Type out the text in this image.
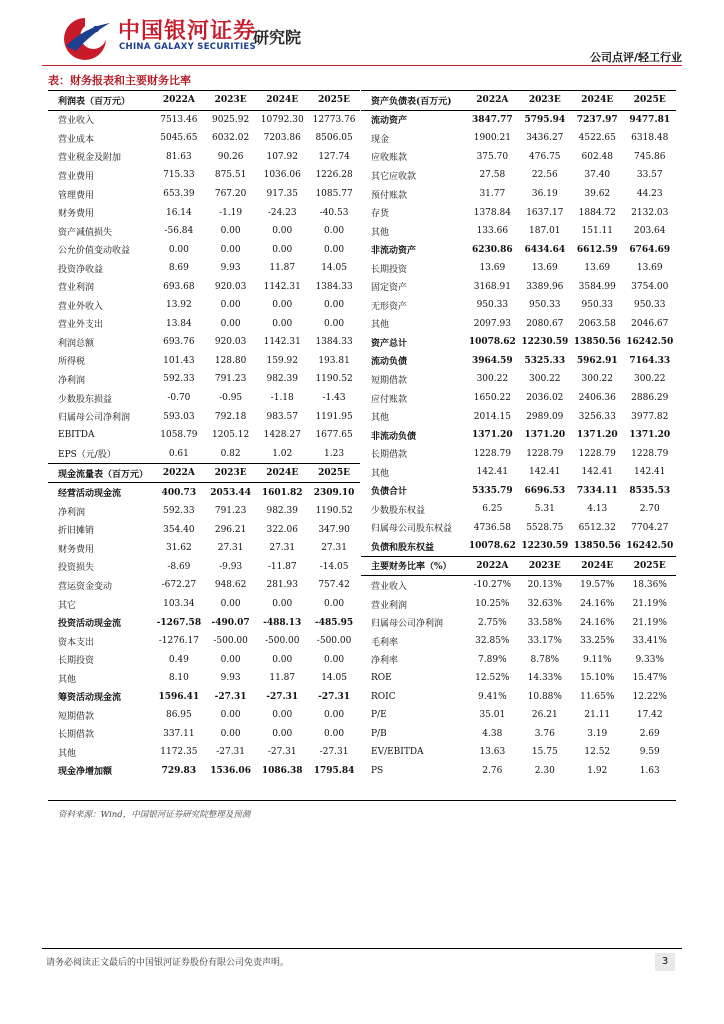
中国银河证券
CHINA GALAXY SECURITIES
研究院
公司点评/轻工行业
表：财务报表和主要财务比率
利润表（百万元）	2022A	2023E	2024E	2025E
营业收入	7513.46	9025.92	10792.30	12773.76
营业成本	5045.65	6032.02	7203.86	8506.05
营业税金及附加	81.63	90.26	107.92	127.74
营业费用	715.33	875.51	1036.06	1226.28
管理费用	653.39	767.20	917.35	1085.77
财务费用	16.14	-1.19	-24.23	-40.53
资产减值损失	-56.84	0.00	0.00	0.00
公允价值变动收益	0.00	0.00	0.00	0.00
投资净收益	8.69	9.93	11.87	14.05
营业利润	693.68	920.03	1142.31	1384.33
营业外收入	13.92	0.00	0.00	0.00
营业外支出	13.84	0.00	0.00	0.00
利润总额	693.76	920.03	1142.31	1384.33
所得税	101.43	128.80	159.92	193.81
净利润	592.33	791.23	982.39	1190.52
少数股东损益	-0.70	-0.95	-1.18	-1.43
归属母公司净利润	593.03	792.18	983.57	1191.95
EBITDA	1058.79	1205.12	1428.27	1677.65
EPS（元/股）	0.61	0.82	1.02	1.23
现金流量表（百万元）	2022A	2023E	2024E	2025E
经营活动现金流	400.73	2053.44	1601.82	2309.10
净利润	592.33	791.23	982.39	1190.52
折旧摊销	354.40	296.21	322.06	347.90
财务费用	31.62	27.31	27.31	27.31
投资损失	-8.69	-9.93	-11.87	-14.05
营运资金变动	-672.27	948.62	281.93	757.42
其它	103.34	0.00	0.00	0.00
投资活动现金流	-1267.58	-490.07	-488.13	-485.95
资本支出	-1276.17	-500.00	-500.00	-500.00
长期投资	0.49	0.00	0.00	0.00
其他	8.10	9.93	11.87	14.05
筹资活动现金流	1596.41	-27.31	-27.31	-27.31
短期借款	86.95	0.00	0.00	0.00
长期借款	337.11	0.00	0.00	0.00
其他	1172.35	-27.31	-27.31	-27.31
现金净增加额	729.83	1536.06	1086.38	1795.84
资产负债表(百万元)	2022A	2023E	2024E	2025E
流动资产	3847.77	5795.94	7237.97	9477.81
现金	1900.21	3436.27	4522.65	6318.48
应收账款	375.70	476.75	602.48	745.86
其它应收款	27.58	22.56	37.40	33.57
预付账款	31.77	36.19	39.62	44.23
存货	1378.84	1637.17	1884.72	2132.03
其他	133.66	187.01	151.11	203.64
非流动资产	6230.86	6434.64	6612.59	6764.69
长期投资	13.69	13.69	13.69	13.69
固定资产	3168.91	3389.96	3584.99	3754.00
无形资产	950.33	950.33	950.33	950.33
其他	2097.93	2080.67	2063.58	2046.67
资产总计	10078.62	12230.59	13850.56	16242.50
流动负债	3964.59	5325.33	5962.91	7164.33
短期借款	300.22	300.22	300.22	300.22
应付账款	1650.22	2036.02	2406.36	2886.29
其他	2014.15	2989.09	3256.33	3977.82
非流动负债	1371.20	1371.20	1371.20	1371.20
长期借款	1228.79	1228.79	1228.79	1228.79
其他	142.41	142.41	142.41	142.41
负债合计	5335.79	6696.53	7334.11	8535.53
少数股东权益	6.25	5.31	4.13	2.70
归属母公司股东权益	4736.58	5528.75	6512.32	7704.27
负债和股东权益	10078.62	12230.59	13850.56	16242.50
主要财务比率（%）	2022A	2023E	2024E	2025E
营业收入	-10.27%	20.13%	19.57%	18.36%
营业利润	10.25%	32.63%	24.16%	21.19%
归属母公司净利润	2.75%	33.58%	24.16%	21.19%
毛利率	32.85%	33.17%	33.25%	33.41%
净利率	7.89%	8.78%	9.11%	9.33%
ROE	12.52%	14.33%	15.10%	15.47%
ROIC	9.41%	10.88%	11.65%	12.22%
P/E	35.01	26.21	21.11	17.42
P/B	4.38	3.76	3.19	2.69
EV/EBITDA	13.63	15.75	12.52	9.59
PS	2.76	2.30	1.92	1.63
资料来源：Wind，中国银河证券研究院整理及预测
请务必阅读正文最后的中国银河证券股份有限公司免责声明。	3
